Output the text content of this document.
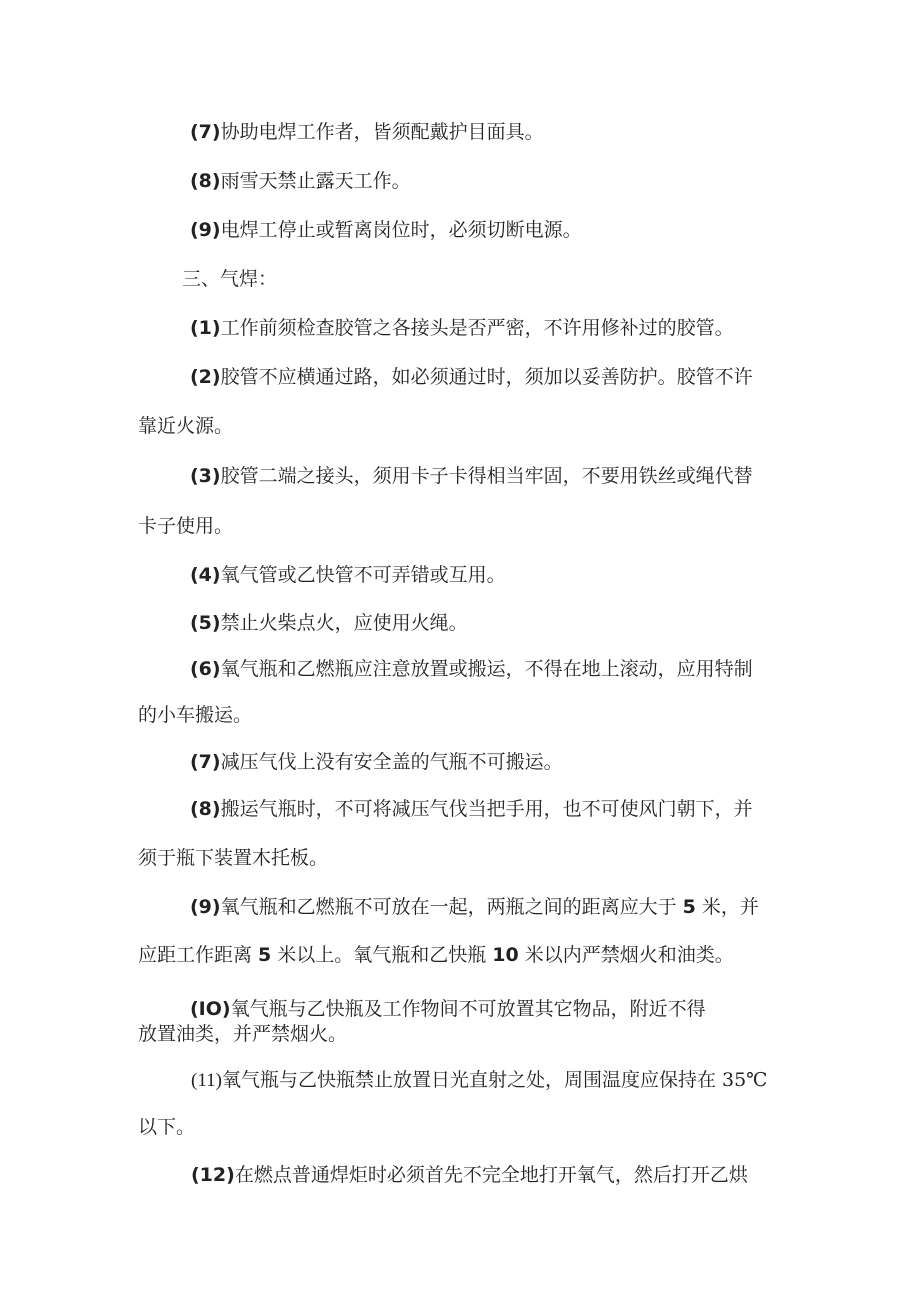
(7)协助电焊工作者，皆须配戴护目面具。
(8)雨雪天禁止露天工作。
(9)电焊工停止或暂离岗位时，必须切断电源。
三、气焊：
(1)工作前须检查胶管之各接头是否严密，不许用修补过的胶管。
(2)胶管不应横通过路，如必须通过时，须加以妥善防护。胶管不许
靠近火源。
(3)胶管二端之接头，须用卡子卡得相当牢固，不要用铁丝或绳代替
卡子使用。
(4)氧气管或乙快管不可弄错或互用。
(5)禁止火柴点火，应使用火绳。
(6)氧气瓶和乙燃瓶应注意放置或搬运，不得在地上滚动，应用特制
的小车搬运。
(7)减压气伐上没有安全盖的气瓶不可搬运。
(8)搬运气瓶时，不可将减压气伐当把手用，也不可使风门朝下，并
须于瓶下装置木托板。
(9)氧气瓶和乙燃瓶不可放在一起，两瓶之间的距离应大于 5 米，并
应距工作距离 5 米以上。氧气瓶和乙快瓶 10 米以内严禁烟火和油类。
(IO)氧气瓶与乙快瓶及工作物间不可放置其它物品，附近不得
放置油类，并严禁烟火。
(11)氧气瓶与乙快瓶禁止放置日光直射之处，周围温度应保持在 35℃
以下。
(12)在燃点普通焊炬时必须首先不完全地打开氧气，然后打开乙烘
